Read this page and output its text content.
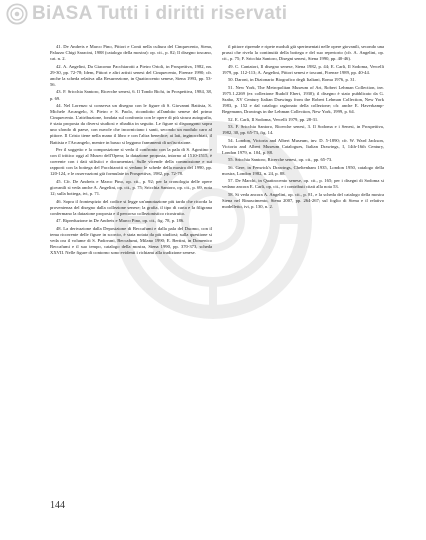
BiASA Tutti i diritti riservati

41. De Andreis e Marco Pino, Pittori e Conti nella cultura del Cinquecento, Siena, Palazzo Chigi Saracini, 1988 (catalogo della mostra): op. cit., p. 82; Il disegno toscano, cat. n. 2.

42. A. Angelini, Da Giacomo Pacchiarotti a Pietro Orioli, in Prospettiva, 1982, nn. 29-30, pp. 72-78; Idem, Pittori e altri artisti senesi del Cinquecento, Firenze 1990; cfr. anche la scheda relativa alla Resurrezione, in Quattrocento senese, Siena 1993, pp. 53-56.

43. F. Sricchia Santoro, Ricerche senesi, 6. Il Tondo Bichi, in Prospettiva, 1984, 38, p. 69.

44. Nel Lorenzo si conserva un disegno con le figure di S. Giovanni Battista, S. Michele Arcangelo, S. Pietro e S. Paolo, ricondotto all'ambito senese del primo Cinquecento. L'attribuzione, fondata sul confronto con le opere di più sicura autografia, è stata proposta da diversi studiosi e ribadita in seguito. Le figure si dispongono sopra uno sfondo di paese, con nuvole che incorniciano i santi, secondo un modulo caro al pittore. Il Cristo tiene nella mano il libro e con l'altra benedice; ai lati, inginocchiati, il Battista e l'Arcangelo, mentre in basso si leggono frammenti di un'iscrizione.

Per il soggetto e la composizione si veda il confronto con la pala di S. Agostino e con il trittico oggi al Museo dell'Opera; la datazione proposta, intorno al 1510-1515, è coerente con i dati stilistici e documentari. Sulle vicende della commissione e sui rapporti con la bottega del Pacchiarotti si vedano le schede della mostra del 1990, pp. 120-124, e le osservazioni già formulate in Prospettiva, 1982, pp. 72-78.

45. Cfr. De Andreis e Marco Pino, op. cit., p. 92; per la cronologia delle opere giovanili si veda anche A. Angelini, op. cit., p. 75; Sricchia Santoro, op. cit., p. 69, nota 12; sulla bottega, ivi, p. 71.

46. Sopra il frontespizio del codice si legge un'annotazione più tarda che ricorda la provenienza del disegno dalla collezione senese; la grafia, il tipo di carta e la filigrana confermano la datazione proposta e il percorso collezionistico ricostruito.

47. Ripreduzione in De Andreis e Marco Pino, op. cit., fig. 78, p. 186.

48. La derivazione dalla Deposizione di Beccafumi e dalla pala del Duomo, con il tema ricorrente delle figure in scorcio, è stata notata da più studiosi; sulla questione si veda ora il volume di S. Padovani, Beccafumi, Milano 1990; E. Bertini, in Domenico Beccafumi e il suo tempo, catalogo della mostra, Siena 1990, pp. 370-373, scheda XXVII. Nelle figure di contorno sono evidenti i richiami alla tradizione senese.

il pittore riprende e ripete moduli già sperimentati nelle opere giovanili, secondo una prassi che rivela la continuità della bottega e del suo repertorio (cfr. A. Angelini, op. cit., p. 75; F. Sricchia Santoro, Disegni senesi, Siena 1990, pp. 40-46).

49. C. Cantatori, Il disegno senese, Siena 1982, p. 44; E. Carli, Il Sodoma, Vercelli 1979, pp. 112-113; A. Angelini, Pittori senesi e toscani, Firenze 1989, pp. 40-44.

50. Daroni, in Dizionario Biografico degli Italiani, Roma 1976, p. 31.

51. New York, The Metropolitan Museum of Art, Robert Lehman Collection, inv. 1975.1.2269 (ex collezione Rudolf Ebert, 1930); il disegno è stato pubblicato da G. Szabo, XV Century Italian Drawings from the Robert Lehman Collection, New York 1983, p. 152 e dal catalogo ragionato della collezione; cfr. anche E. Haverkamp-Begemann, Drawings in the Lehman Collection, New York, 1999, p. 64.

52. E. Carli, Il Sodoma, Vercelli 1979, pp. 28-31.

53. F. Sricchia Santoro, Ricerche senesi, 3. Il Sodoma e i Senesi, in Prospettiva, 1982, 30, pp. 65-73, fig. 14.

54. London, Victoria and Albert Museum, inv. D. 5-1890; cfr. W. Ward Jackson, Victoria and Albert Museum Catalogues, Italian Drawings, I, 14th-16th Century, London 1979, n. 104, p. 88.

55. Sricchia Santoro, Ricerche senesi, op. cit., pp. 65-73.

56. Gere, in Fenwick's Drawings, Cheltenham 1935, London 1950, catalogo della mostra, London 1982, n. 24, p. 88.

57. De Marchi, in Quattrocento senese, op. cit., p. 165; per i disegni di Sodoma si vedano ancora E. Carli, op. cit., e i contributi citati alla nota 53.

58. Si veda ancora A. Angelini, op. cit., p. 81, e la scheda del catalogo della mostra Siena nel Rinascimento, Siena 2007, pp. 264-267; sul foglio di Siena e il relativo modelletto, ivi, p. 130, n. 2.

144
